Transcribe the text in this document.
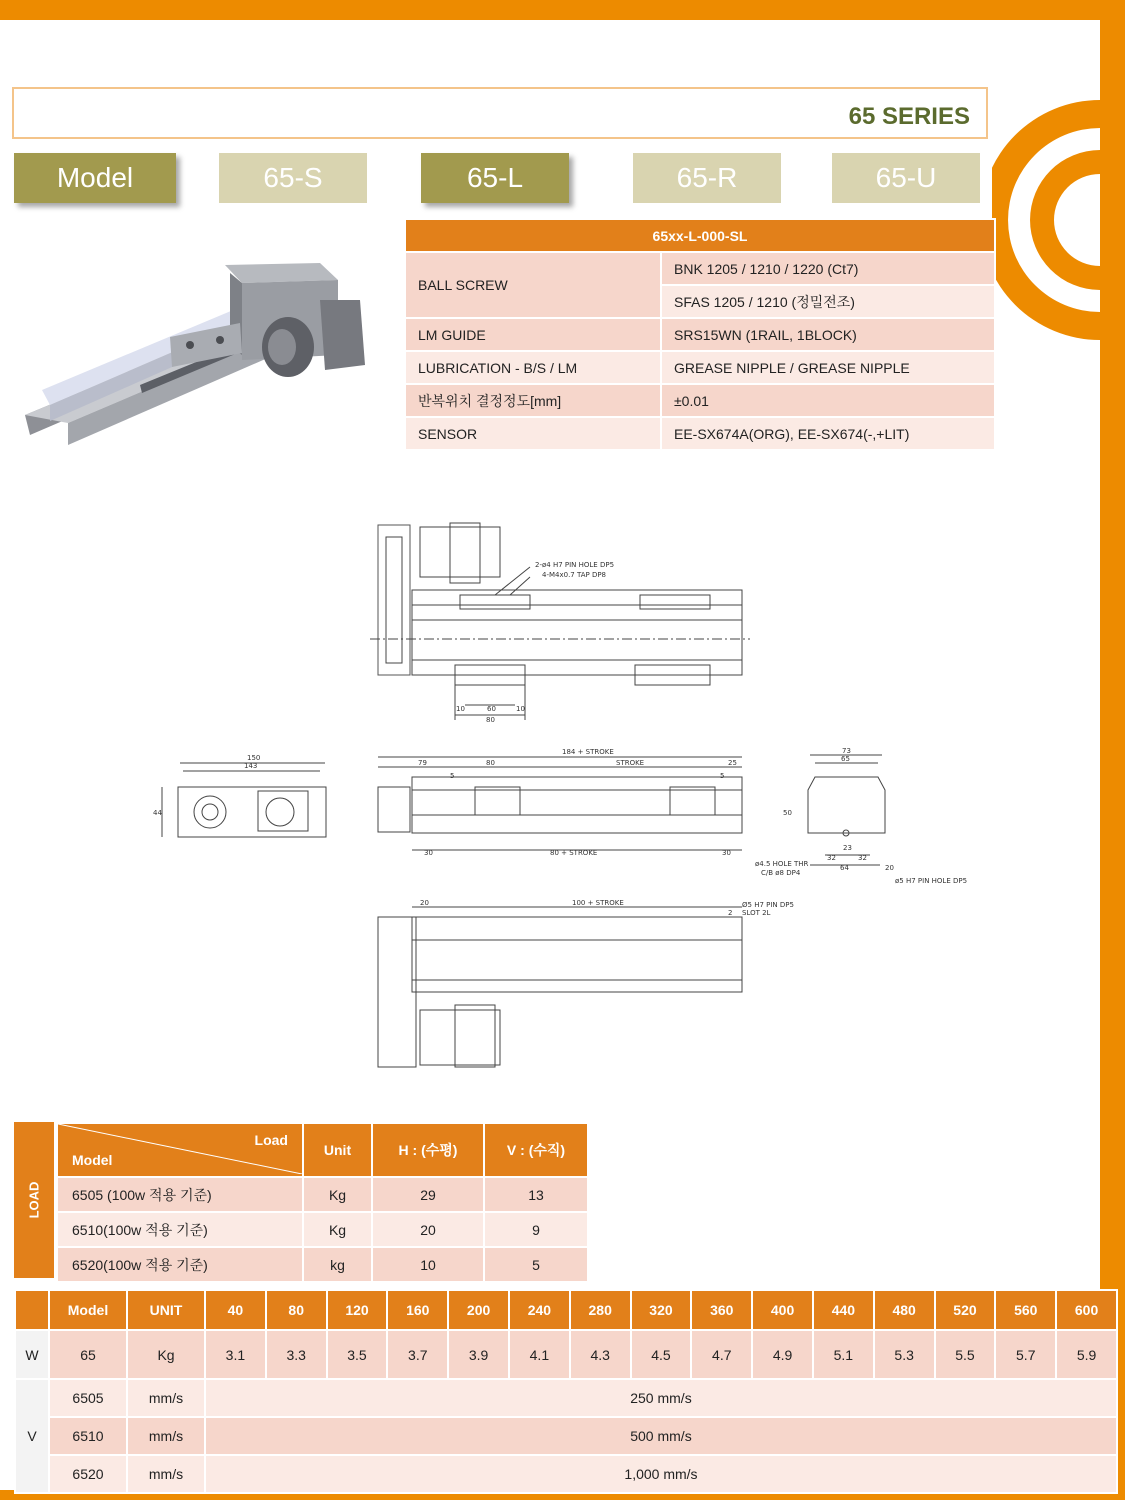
65 SERIES
Model	65-S	65-L	65-R	65-U
65xx-L-000-SL	
BALL SCREW	BNK 1205 / 1210 / 1220 (Ct7)
	SFAS 1205 / 1210 (정밀전조)
LM GUIDE	SRS15WN (1RAIL, 1BLOCK)
LUBRICATION - B/S / LM	GREASE NIPPLE / GREASE NIPPLE
반복위치 결정정도[mm]	±0.01
SENSOR	EE-SX674A(ORG), EE-SX674(-,+LIT)
2-ø4 H7 PIN HOLE DP5
4-M4x0.7 TAP DP8
10	60	10
80
150
143
44
184 + STROKE
79	80	STROKE	25
5	5
30	80 + STROKE	30
73
65
50
23
32	32
64	20
ø4.5 HOLE THR
C/B ø8 DP4
ø5 H7 PIN HOLE DP5
20	100 + STROKE
2
Ø5 H7 PIN DP5
SLOT 2L
LOAD
Load
Model	Unit	H : (수평)	V : (수직)
6505 (100w 적용 기준)	Kg	29	13
6510(100w 적용 기준)	Kg	20	9
6520(100w 적용 기준)	kg	10	5
	Model	UNIT	40	80	120	160	200	240	280	320	360	400	440	480	520	560	600
W	65	Kg	3.1	3.3	3.5	3.7	3.9	4.1	4.3	4.5	4.7	4.9	5.1	5.3	5.5	5.7	5.9
V	6505	mm/s	250 mm/s														
	6510	mm/s	500 mm/s														
	6520	mm/s	1,000 mm/s														
